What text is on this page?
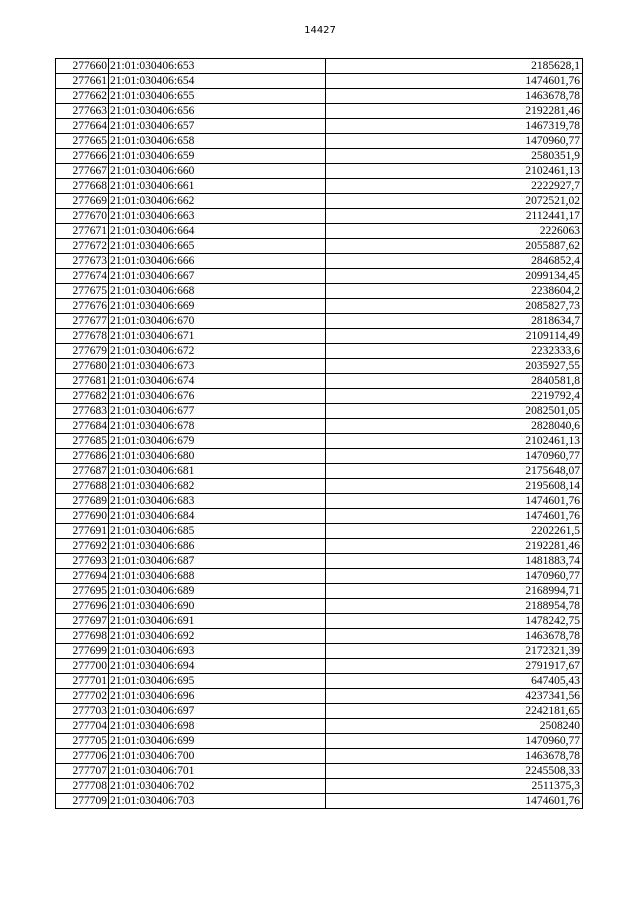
14427
277660	21:01:030406:653	2185628,1
277661	21:01:030406:654	1474601,76
277662	21:01:030406:655	1463678,78
277663	21:01:030406:656	2192281,46
277664	21:01:030406:657	1467319,78
277665	21:01:030406:658	1470960,77
277666	21:01:030406:659	2580351,9
277667	21:01:030406:660	2102461,13
277668	21:01:030406:661	2222927,7
277669	21:01:030406:662	2072521,02
277670	21:01:030406:663	2112441,17
277671	21:01:030406:664	2226063
277672	21:01:030406:665	2055887,62
277673	21:01:030406:666	2846852,4
277674	21:01:030406:667	2099134,45
277675	21:01:030406:668	2238604,2
277676	21:01:030406:669	2085827,73
277677	21:01:030406:670	2818634,7
277678	21:01:030406:671	2109114,49
277679	21:01:030406:672	2232333,6
277680	21:01:030406:673	2035927,55
277681	21:01:030406:674	2840581,8
277682	21:01:030406:676	2219792,4
277683	21:01:030406:677	2082501,05
277684	21:01:030406:678	2828040,6
277685	21:01:030406:679	2102461,13
277686	21:01:030406:680	1470960,77
277687	21:01:030406:681	2175648,07
277688	21:01:030406:682	2195608,14
277689	21:01:030406:683	1474601,76
277690	21:01:030406:684	1474601,76
277691	21:01:030406:685	2202261,5
277692	21:01:030406:686	2192281,46
277693	21:01:030406:687	1481883,74
277694	21:01:030406:688	1470960,77
277695	21:01:030406:689	2168994,71
277696	21:01:030406:690	2188954,78
277697	21:01:030406:691	1478242,75
277698	21:01:030406:692	1463678,78
277699	21:01:030406:693	2172321,39
277700	21:01:030406:694	2791917,67
277701	21:01:030406:695	647405,43
277702	21:01:030406:696	4237341,56
277703	21:01:030406:697	2242181,65
277704	21:01:030406:698	2508240
277705	21:01:030406:699	1470960,77
277706	21:01:030406:700	1463678,78
277707	21:01:030406:701	2245508,33
277708	21:01:030406:702	2511375,3
277709	21:01:030406:703	1474601,76
